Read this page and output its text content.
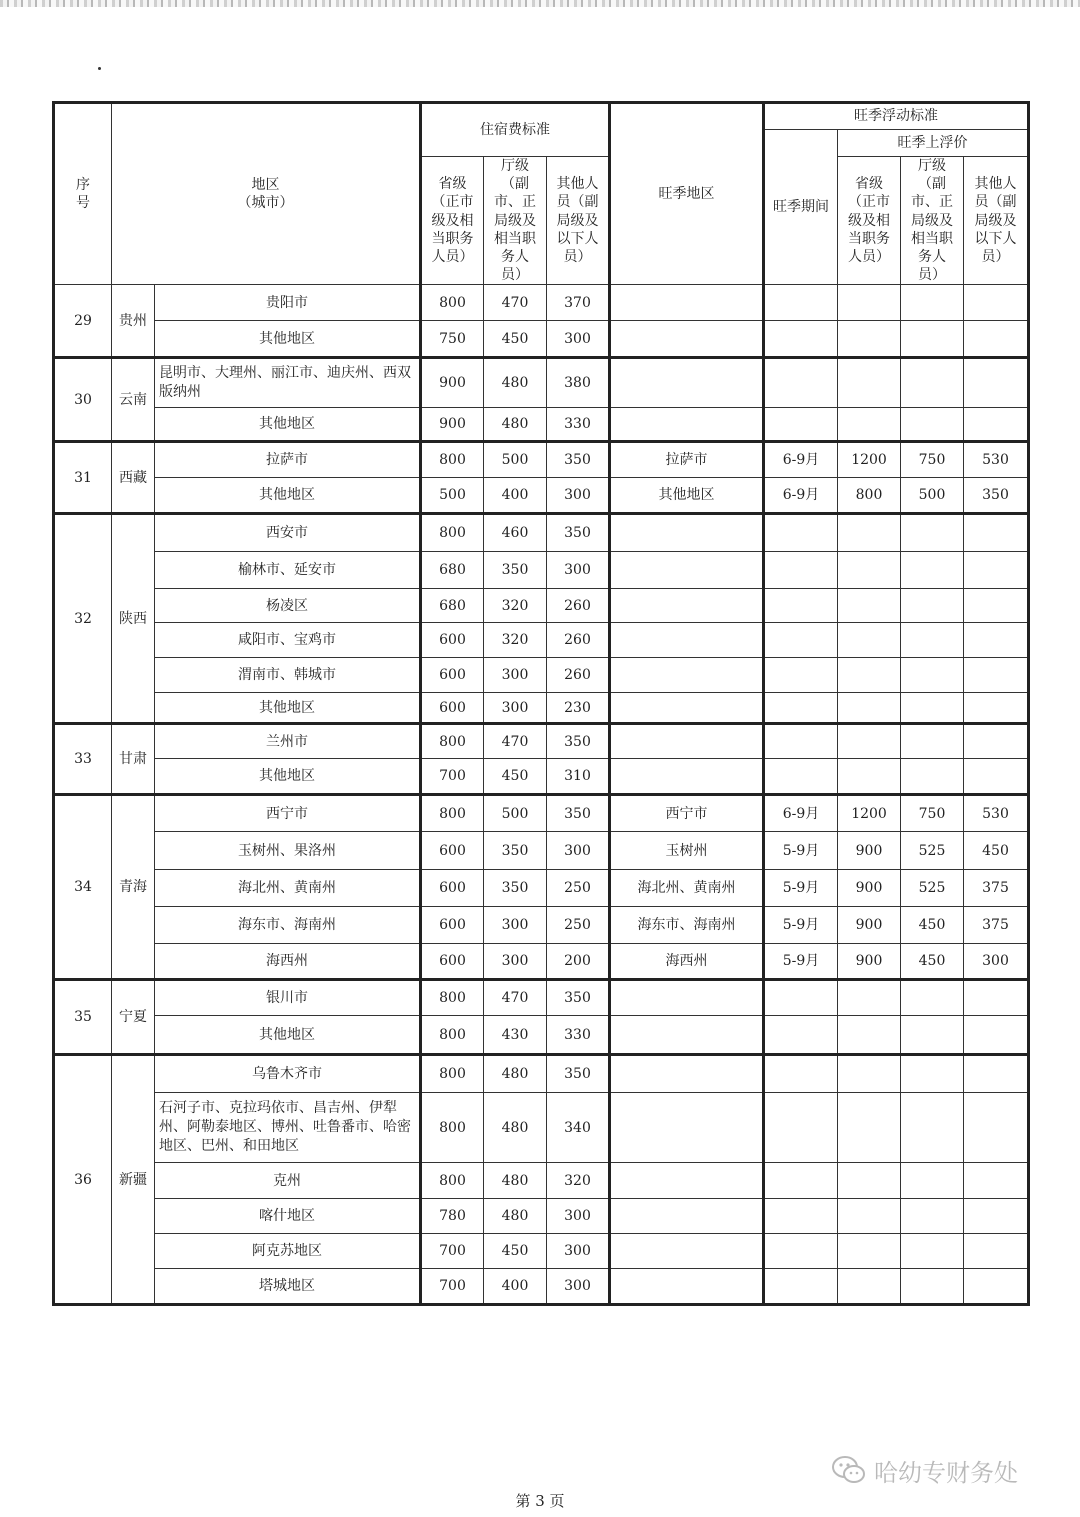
序号	地区
（城市）		住宿费标准			旺季地区	旺季浮动标准			
							旺季期间	旺季上浮价		
			省级（正市级及相当职务人员）	厅级（副市、正局级及相当职务人员）	其他人员（副局级及以下人员）			省级（正市级及相当职务人员）	厅级（副市、正局级及相当职务人员）	其他人员（副局级及以下人员）
29	贵州	贵阳市	800	470	370					
		其他地区	750	450	300					
30	云南	昆明市、大理州、丽江市、迪庆州、西双版纳州	900	480	380					
		其他地区	900	480	330					
31	西藏	拉萨市	800	500	350	拉萨市	6-9月	1200	750	530
		其他地区	500	400	300	其他地区	6-9月	800	500	350
32	陕西	西安市	800	460	350					
		榆林市、延安市	680	350	300					
		杨凌区	680	320	260					
		咸阳市、宝鸡市	600	320	260					
		渭南市、韩城市	600	300	260					
		其他地区	600	300	230					
33	甘肃	兰州市	800	470	350					
		其他地区	700	450	310					
34	青海	西宁市	800	500	350	西宁市	6-9月	1200	750	530
		玉树州、果洛州	600	350	300	玉树州	5-9月	900	525	450
		海北州、黄南州	600	350	250	海北州、黄南州	5-9月	900	525	375
		海东市、海南州	600	300	250	海东市、海南州	5-9月	900	450	375
		海西州	600	300	200	海西州	5-9月	900	450	300
35	宁夏	银川市	800	470	350					
		其他地区	800	430	330					
36	新疆	乌鲁木齐市	800	480	350					
		石河子市、克拉玛依市、昌吉州、伊犁州、阿勒泰地区、博州、吐鲁番市、哈密地区、巴州、和田地区	800	480	340					
		克州	800	480	320					
		喀什地区	780	480	300					
		阿克苏地区	700	450	300					
		塔城地区	700	400	300					
哈幼专财务处
第 3 页
